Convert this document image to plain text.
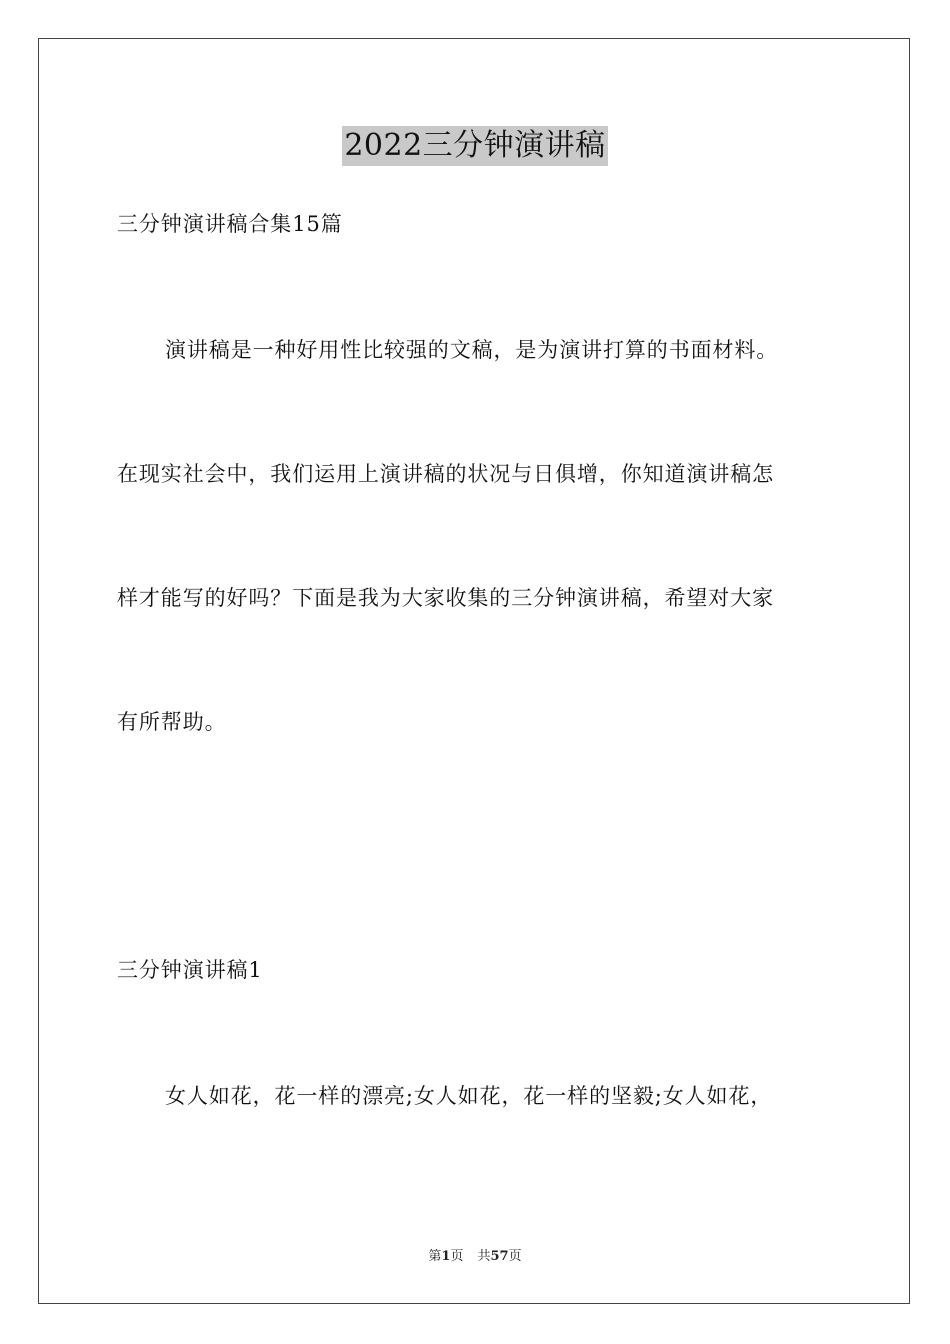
2022三分钟演讲稿
三分钟演讲稿合集15篇
演讲稿是一种好用性比较强的文稿，是为演讲打算的书面材料。
在现实社会中，我们运用上演讲稿的状况与日俱增，你知道演讲稿怎
样才能写的好吗？下面是我为大家收集的三分钟演讲稿，希望对大家
有所帮助。
三分钟演讲稿1
女人如花，花一样的漂亮;女人如花，花一样的坚毅;女人如花，
第1页 共57页
